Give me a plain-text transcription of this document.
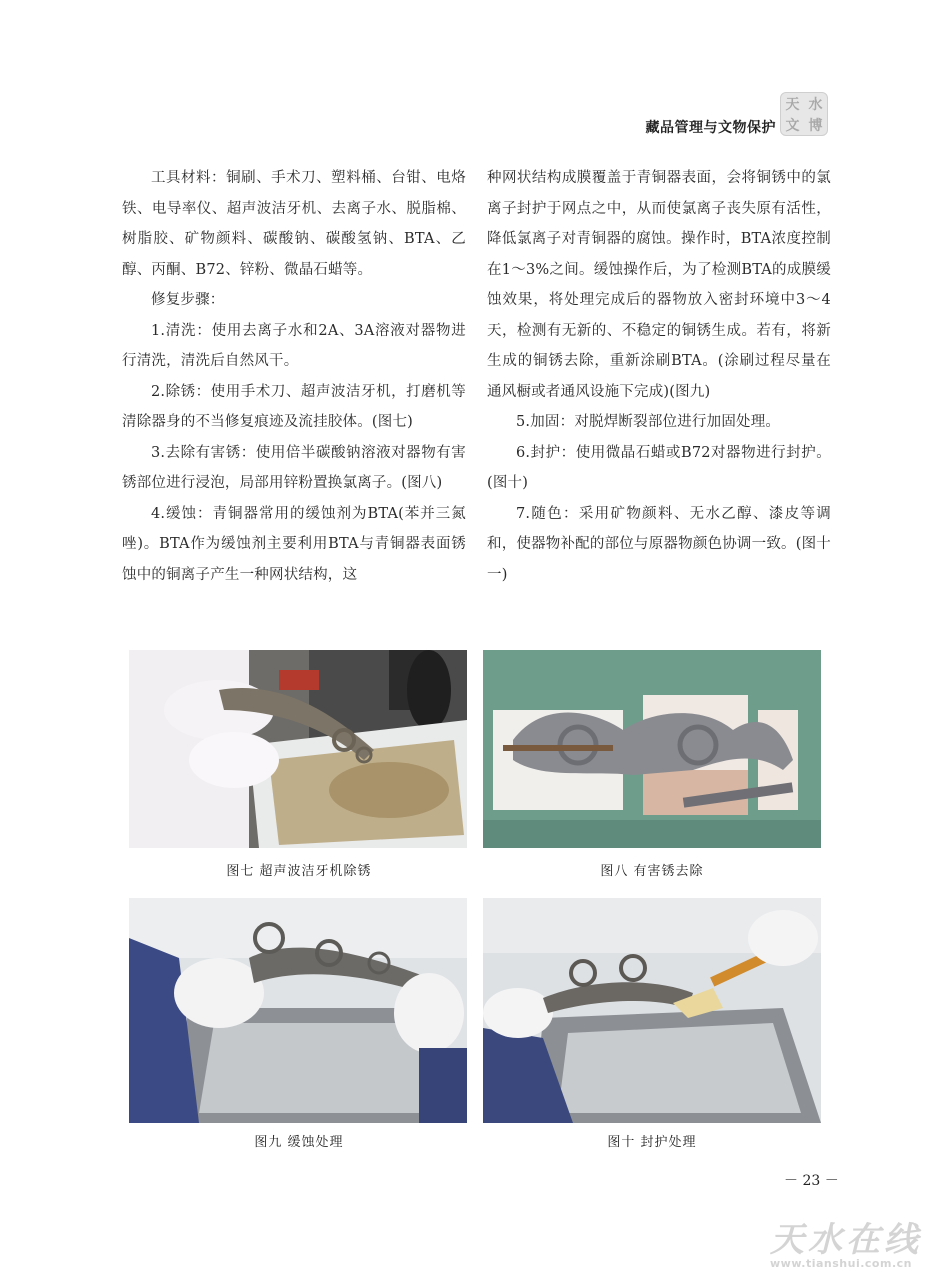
藏品管理与文物保护
天 水
文 博

工具材料：铜刷、手术刀、塑料桶、台钳、电烙铁、电导率仪、超声波洁牙机、去离子水、脱脂棉、树脂胶、矿物颜料、碳酸钠、碳酸氢钠、BTA、乙醇、丙酮、B72、锌粉、微晶石蜡等。

修复步骤：

1.清洗：使用去离子水和2A、3A溶液对器物进行清洗，清洗后自然风干。

2.除锈：使用手术刀、超声波洁牙机，打磨机等清除器身的不当修复痕迹及流挂胶体。(图七)

3.去除有害锈：使用倍半碳酸钠溶液对器物有害锈部位进行浸泡，局部用锌粉置换氯离子。(图八)

4.缓蚀：青铜器常用的缓蚀剂为BTA(苯并三氮唑)。BTA作为缓蚀剂主要利用BTA与青铜器表面锈蚀中的铜离子产生一种网状结构，这

种网状结构成膜覆盖于青铜器表面，会将铜锈中的氯离子封护于网点之中，从而使氯离子丧失原有活性，降低氯离子对青铜器的腐蚀。操作时，BTA浓度控制在1～3%之间。缓蚀操作后，为了检测BTA的成膜缓蚀效果，将处理完成后的器物放入密封环境中3～4天，检测有无新的、不稳定的铜锈生成。若有，将新生成的铜锈去除，重新涂刷BTA。(涂刷过程尽量在通风橱或者通风设施下完成)(图九)

5.加固：对脱焊断裂部位进行加固处理。

6.封护：使用微晶石蜡或B72对器物进行封护。(图十)

7.随色：采用矿物颜料、无水乙醇、漆皮等调和，使器物补配的部位与原器物颜色协调一致。(图十一)

图七 超声波洁牙机除锈	图八 有害锈去除
图九 缓蚀处理	图十 封护处理
－ 23 －
天水在线
www.tianshui.com.cn
